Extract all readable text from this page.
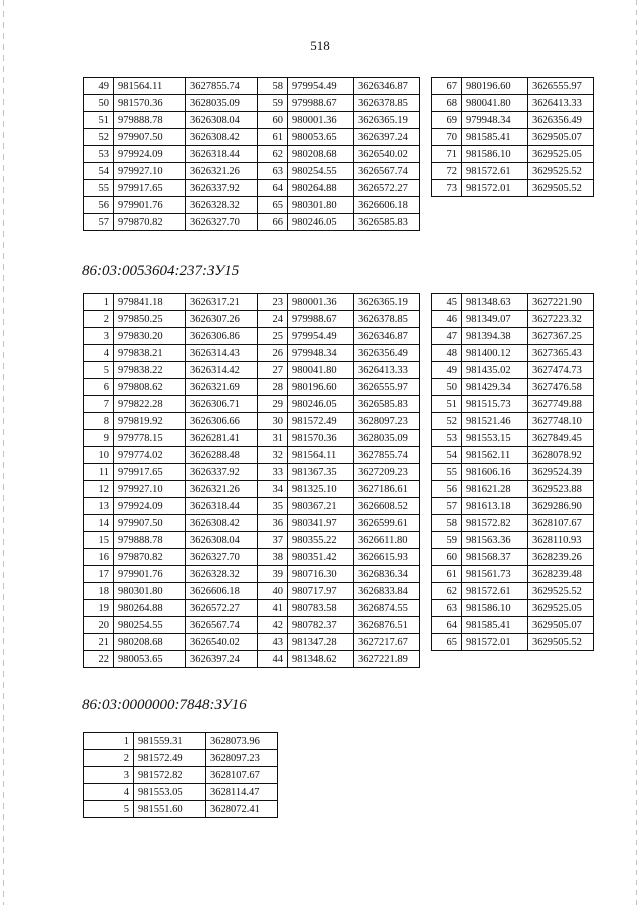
518
86:03:0053604:237:ЗУ15
86:03:0000000:7848:ЗУ16
49	981564.11	3627855.74
50	981570.36	3628035.09
51	979888.78	3626308.04
52	979907.50	3626308.42
53	979924.09	3626318.44
54	979927.10	3626321.26
55	979917.65	3626337.92
56	979901.76	3626328.32
57	979870.82	3626327.70
58	979954.49	3626346.87
59	979988.67	3626378.85
60	980001.36	3626365.19
61	980053.65	3626397.24
62	980208.68	3626540.02
63	980254.55	3626567.74
64	980264.88	3626572.27
65	980301.80	3626606.18
66	980246.05	3626585.83
67	980196.60	3626555.97
68	980041.80	3626413.33
69	979948.34	3626356.49
70	981585.41	3629505.07
71	981586.10	3629525.05
72	981572.61	3629525.52
73	981572.01	3629505.52
1	979841.18	3626317.21
2	979850.25	3626307.26
3	979830.20	3626306.86
4	979838.21	3626314.43
5	979838.22	3626314.42
6	979808.62	3626321.69
7	979822.28	3626306.71
8	979819.92	3626306.66
9	979778.15	3626281.41
10	979774.02	3626288.48
11	979917.65	3626337.92
12	979927.10	3626321.26
13	979924.09	3626318.44
14	979907.50	3626308.42
15	979888.78	3626308.04
16	979870.82	3626327.70
17	979901.76	3626328.32
18	980301.80	3626606.18
19	980264.88	3626572.27
20	980254.55	3626567.74
21	980208.68	3626540.02
22	980053.65	3626397.24
23	980001.36	3626365.19
24	979988.67	3626378.85
25	979954.49	3626346.87
26	979948.34	3626356.49
27	980041.80	3626413.33
28	980196.60	3626555.97
29	980246.05	3626585.83
30	981572.49	3628097.23
31	981570.36	3628035.09
32	981564.11	3627855.74
33	981367.35	3627209.23
34	981325.10	3627186.61
35	980367.21	3626608.52
36	980341.97	3626599.61
37	980355.22	3626611.80
38	980351.42	3626615.93
39	980716.30	3626836.34
40	980717.97	3626833.84
41	980783.58	3626874.55
42	980782.37	3626876.51
43	981347.28	3627217.67
44	981348.62	3627221.89
45	981348.63	3627221.90
46	981349.07	3627223.32
47	981394.38	3627367.25
48	981400.12	3627365.43
49	981435.02	3627474.73
50	981429.34	3627476.58
51	981515.73	3627749.88
52	981521.46	3627748.10
53	981553.15	3627849.45
54	981562.11	3628078.92
55	981606.16	3629524.39
56	981621.28	3629523.88
57	981613.18	3629286.90
58	981572.82	3628107.67
59	981563.36	3628110.93
60	981568.37	3628239.26
61	981561.73	3628239.48
62	981572.61	3629525.52
63	981586.10	3629525.05
64	981585.41	3629505.07
65	981572.01	3629505.52
1	981559.31	3628073.96
2	981572.49	3628097.23
3	981572.82	3628107.67
4	981553.05	3628114.47
5	981551.60	3628072.41
